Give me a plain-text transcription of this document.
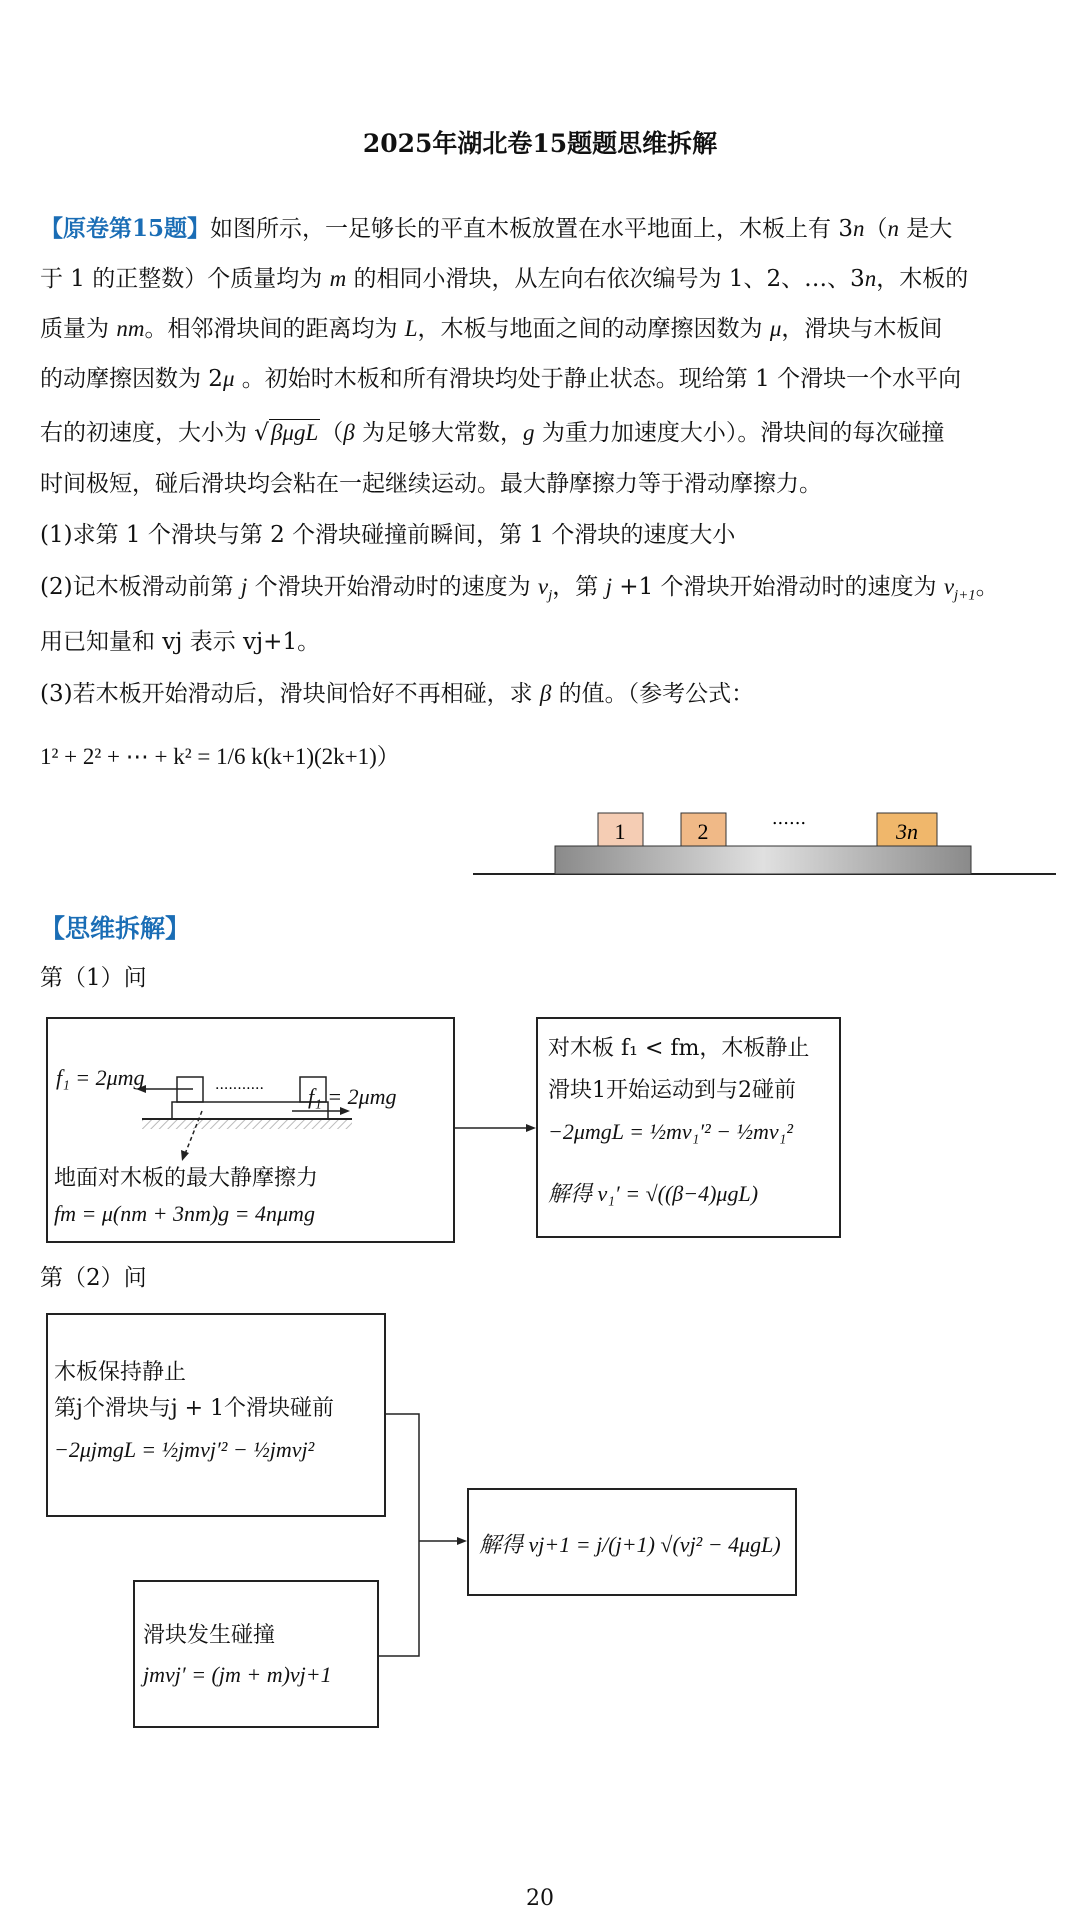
2025年湖北卷15题题思维拆解
【原卷第15题】如图所示，一足够长的平直木板放置在水平地面上，木板上有 3n（n 是大
于 1 的正整数）个质量均为 m 的相同小滑块，从左向右依次编号为 1、2、…、3n，木板的
质量为 nm。相邻滑块间的距离均为 L，木板与地面之间的动摩擦因数为 μ，滑块与木板间
的动摩擦因数为 2μ 。初始时木板和所有滑块均处于静止状态。现给第 1 个滑块一个水平向
右的初速度，大小为 √βμgL（β 为足够大常数，g 为重力加速度大小）。滑块间的每次碰撞
时间极短，碰后滑块均会粘在一起继续运动。最大静摩擦力等于滑动摩擦力。
(1)求第 1 个滑块与第 2 个滑块碰撞前瞬间，第 1 个滑块的速度大小
(2)记木板滑动前第 j 个滑块开始滑动时的速度为 $v_j$，第 j +1 个滑块开始滑动时的速度为 $v_{j+1}$。
用已知量和 vj 表示 vj+1。
(3)若木板开始滑动后，滑块间恰好不再相碰，求 β 的值。（参考公式：
1² + 2² + ⋯ + k² = 1/6 k(k+1)(2k+1)）
1	2	3n
......
【思维拆解】
第（1）问
...........
f₁ = 2μmg
f₁ = 2μmg
地面对木板的最大静摩擦力
fm = μ(nm + 3nm)g = 4nμmg
对木板 f₁ < fm，木板静止
滑块1开始运动到与2碰前
−2μmgL = ½mv₁′² − ½mv₁²
解得 v₁′ = √((β−4)μgL)
第（2）问
木板保持静止
第j个滑块与j + 1个滑块碰前
−2μjmgL = ½jmvj′² − ½jmvj²
滑块发生碰撞
jmvj′ = (jm + m)vj+1
解得 vj+1 = j/(j+1) √(vj² − 4μgL)
20
